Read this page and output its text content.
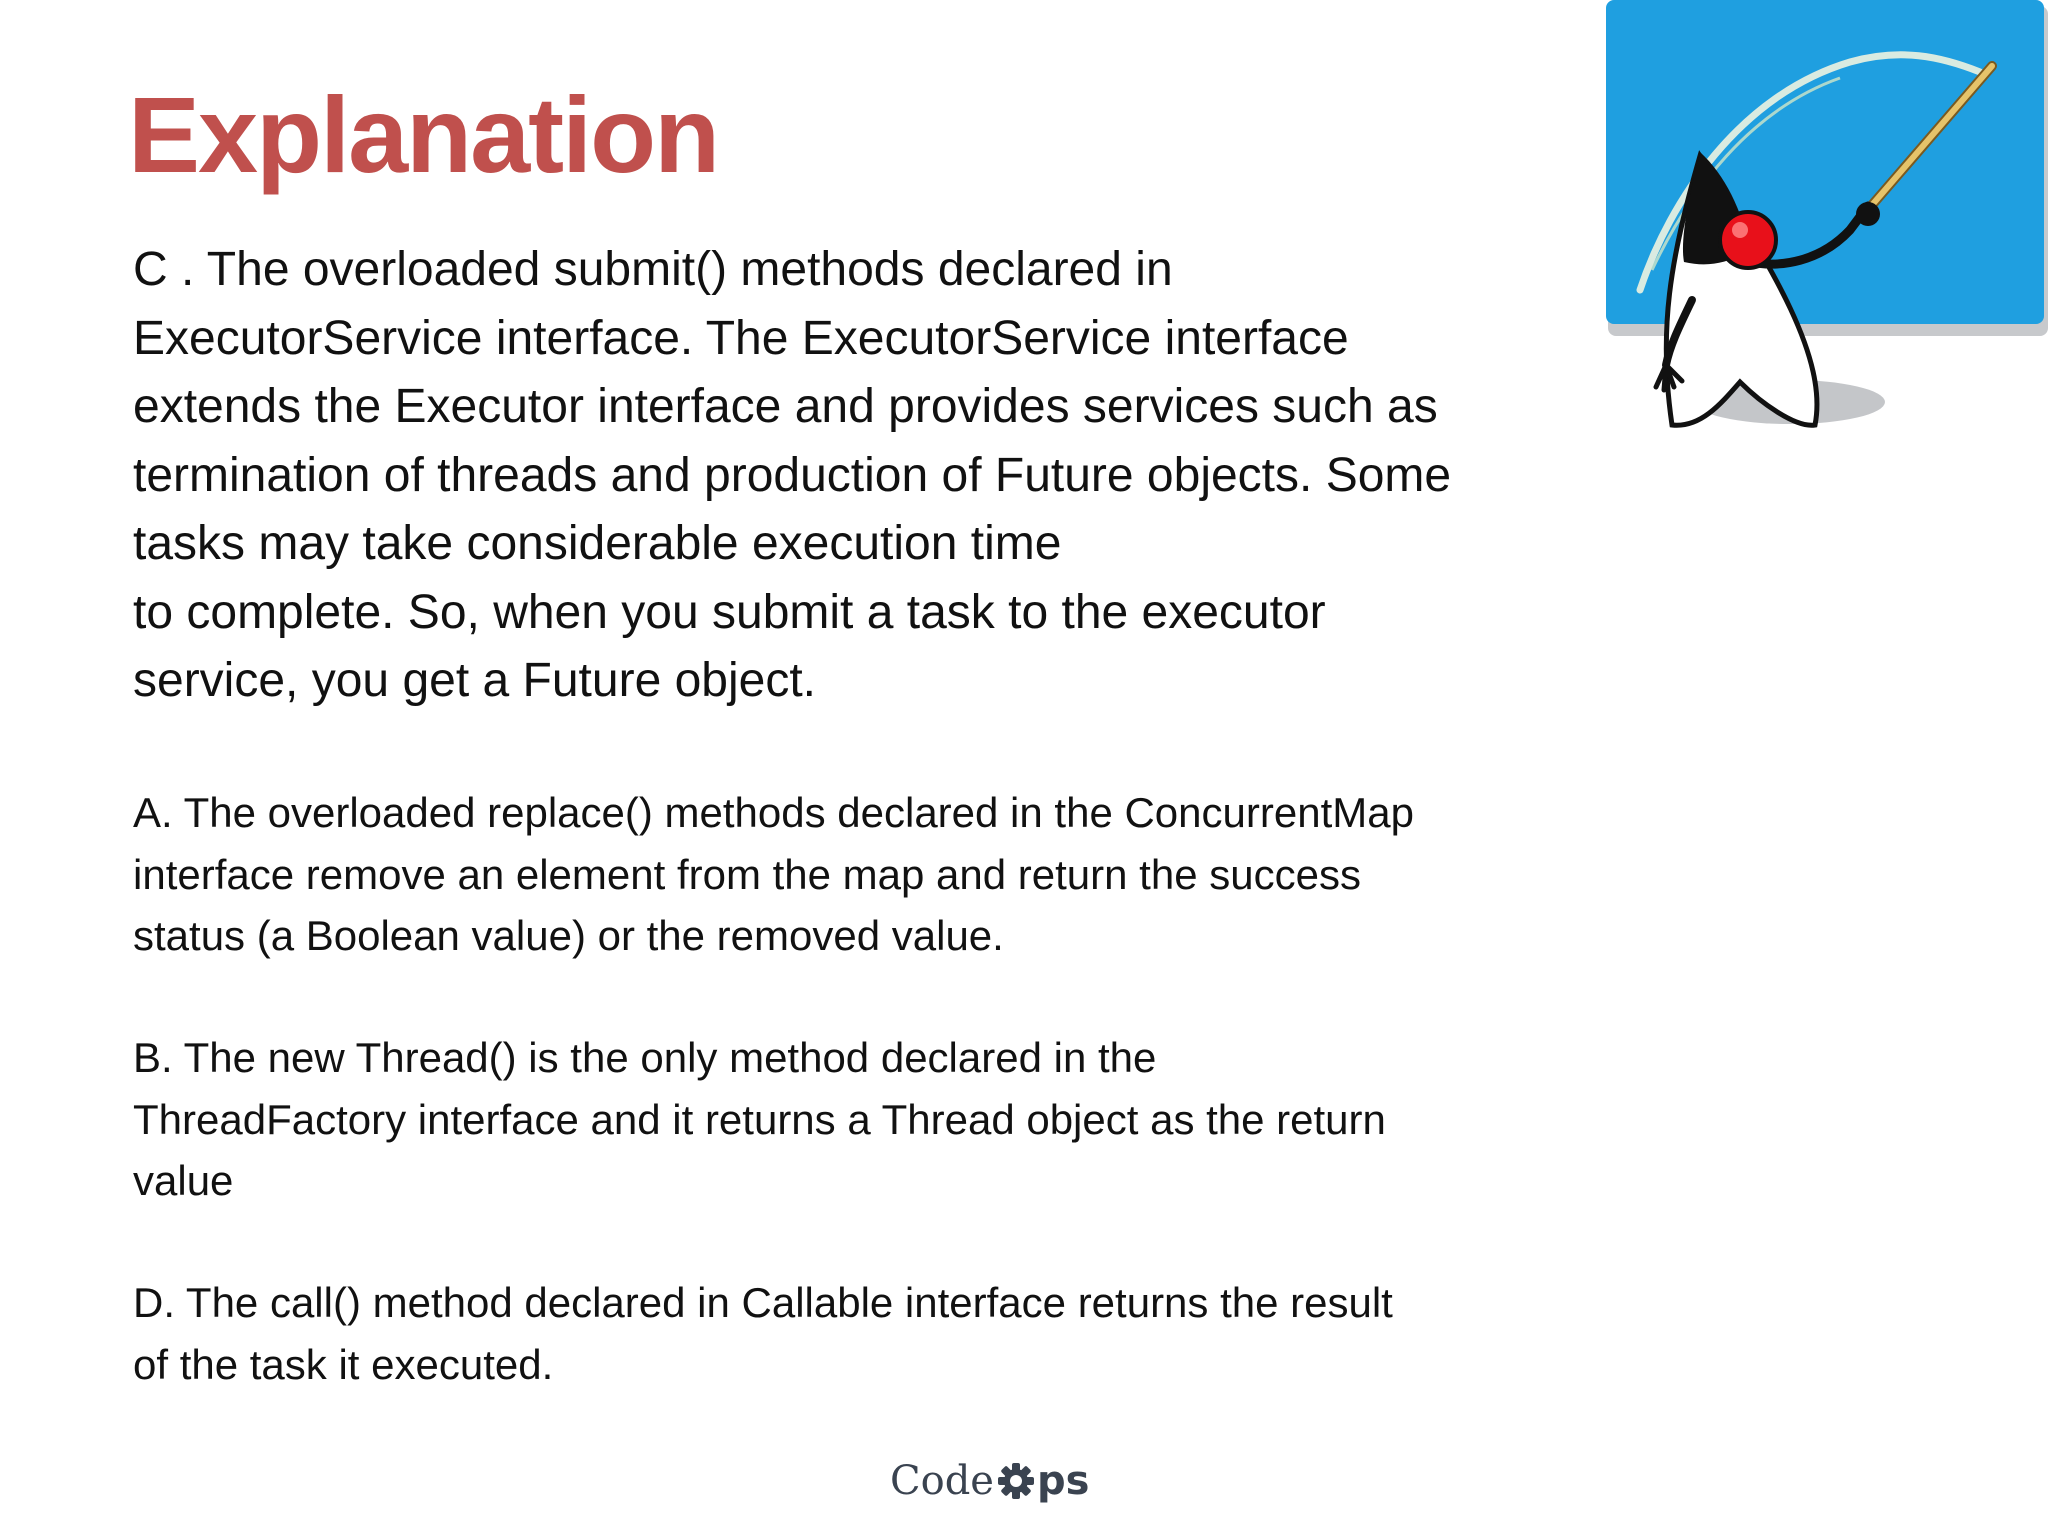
Explanation

C . The overloaded submit() methods declared in
ExecutorService interface. The ExecutorService interface
extends the Executor interface and provides services such as
termination of threads and production of Future objects. Some
tasks may take considerable execution time
to complete. So, when you submit a task to the executor
service, you get a Future object.

A. The overloaded replace() methods declared in the ConcurrentMap
interface remove an element from the map and return the success
status (a Boolean value) or the removed value.

B. The new Thread() is the only method declared in the
ThreadFactory interface and it returns a Thread object as the return
value

D. The call() method declared in Callable interface returns the result
of the task it executed.

Code ps
